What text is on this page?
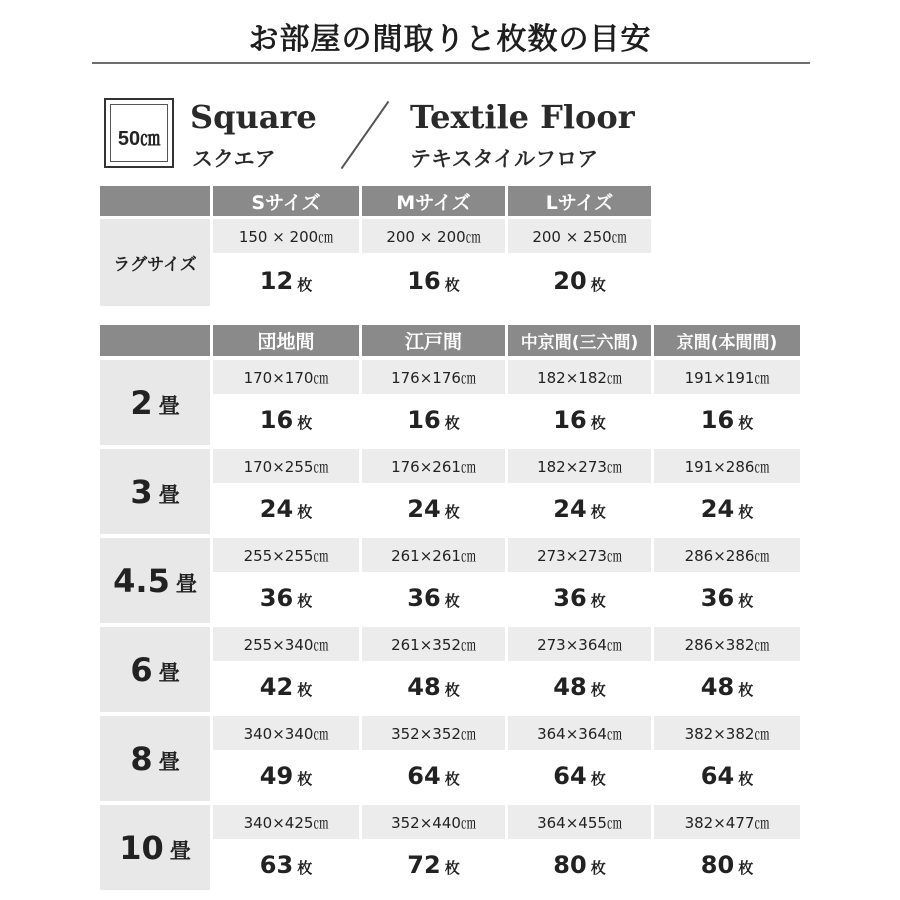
お部屋の間取りと枚数の目安
50㎝
Square
スクエア
Textile Floor
テキスタイルフロア
Sサイズ	Mサイズ	Lサイズ
ラグサイズ
150 × 200㎝	200 × 200㎝	200 × 250㎝
12 枚	16 枚	20 枚
団地間	江戸間	中京間(三六間)	京間(本間間)
2 畳
170×170㎝	176×176㎝	182×182㎝	191×191㎝
16 枚	16 枚	16 枚	16 枚
3 畳
170×255㎝	176×261㎝	182×273㎝	191×286㎝
24 枚	24 枚	24 枚	24 枚
4.5 畳
255×255㎝	261×261㎝	273×273㎝	286×286㎝
36 枚	36 枚	36 枚	36 枚
6 畳
255×340㎝	261×352㎝	273×364㎝	286×382㎝
42 枚	48 枚	48 枚	48 枚
8 畳
340×340㎝	352×352㎝	364×364㎝	382×382㎝
49 枚	64 枚	64 枚	64 枚
10 畳
340×425㎝	352×440㎝	364×455㎝	382×477㎝
63 枚	72 枚	80 枚	80 枚
